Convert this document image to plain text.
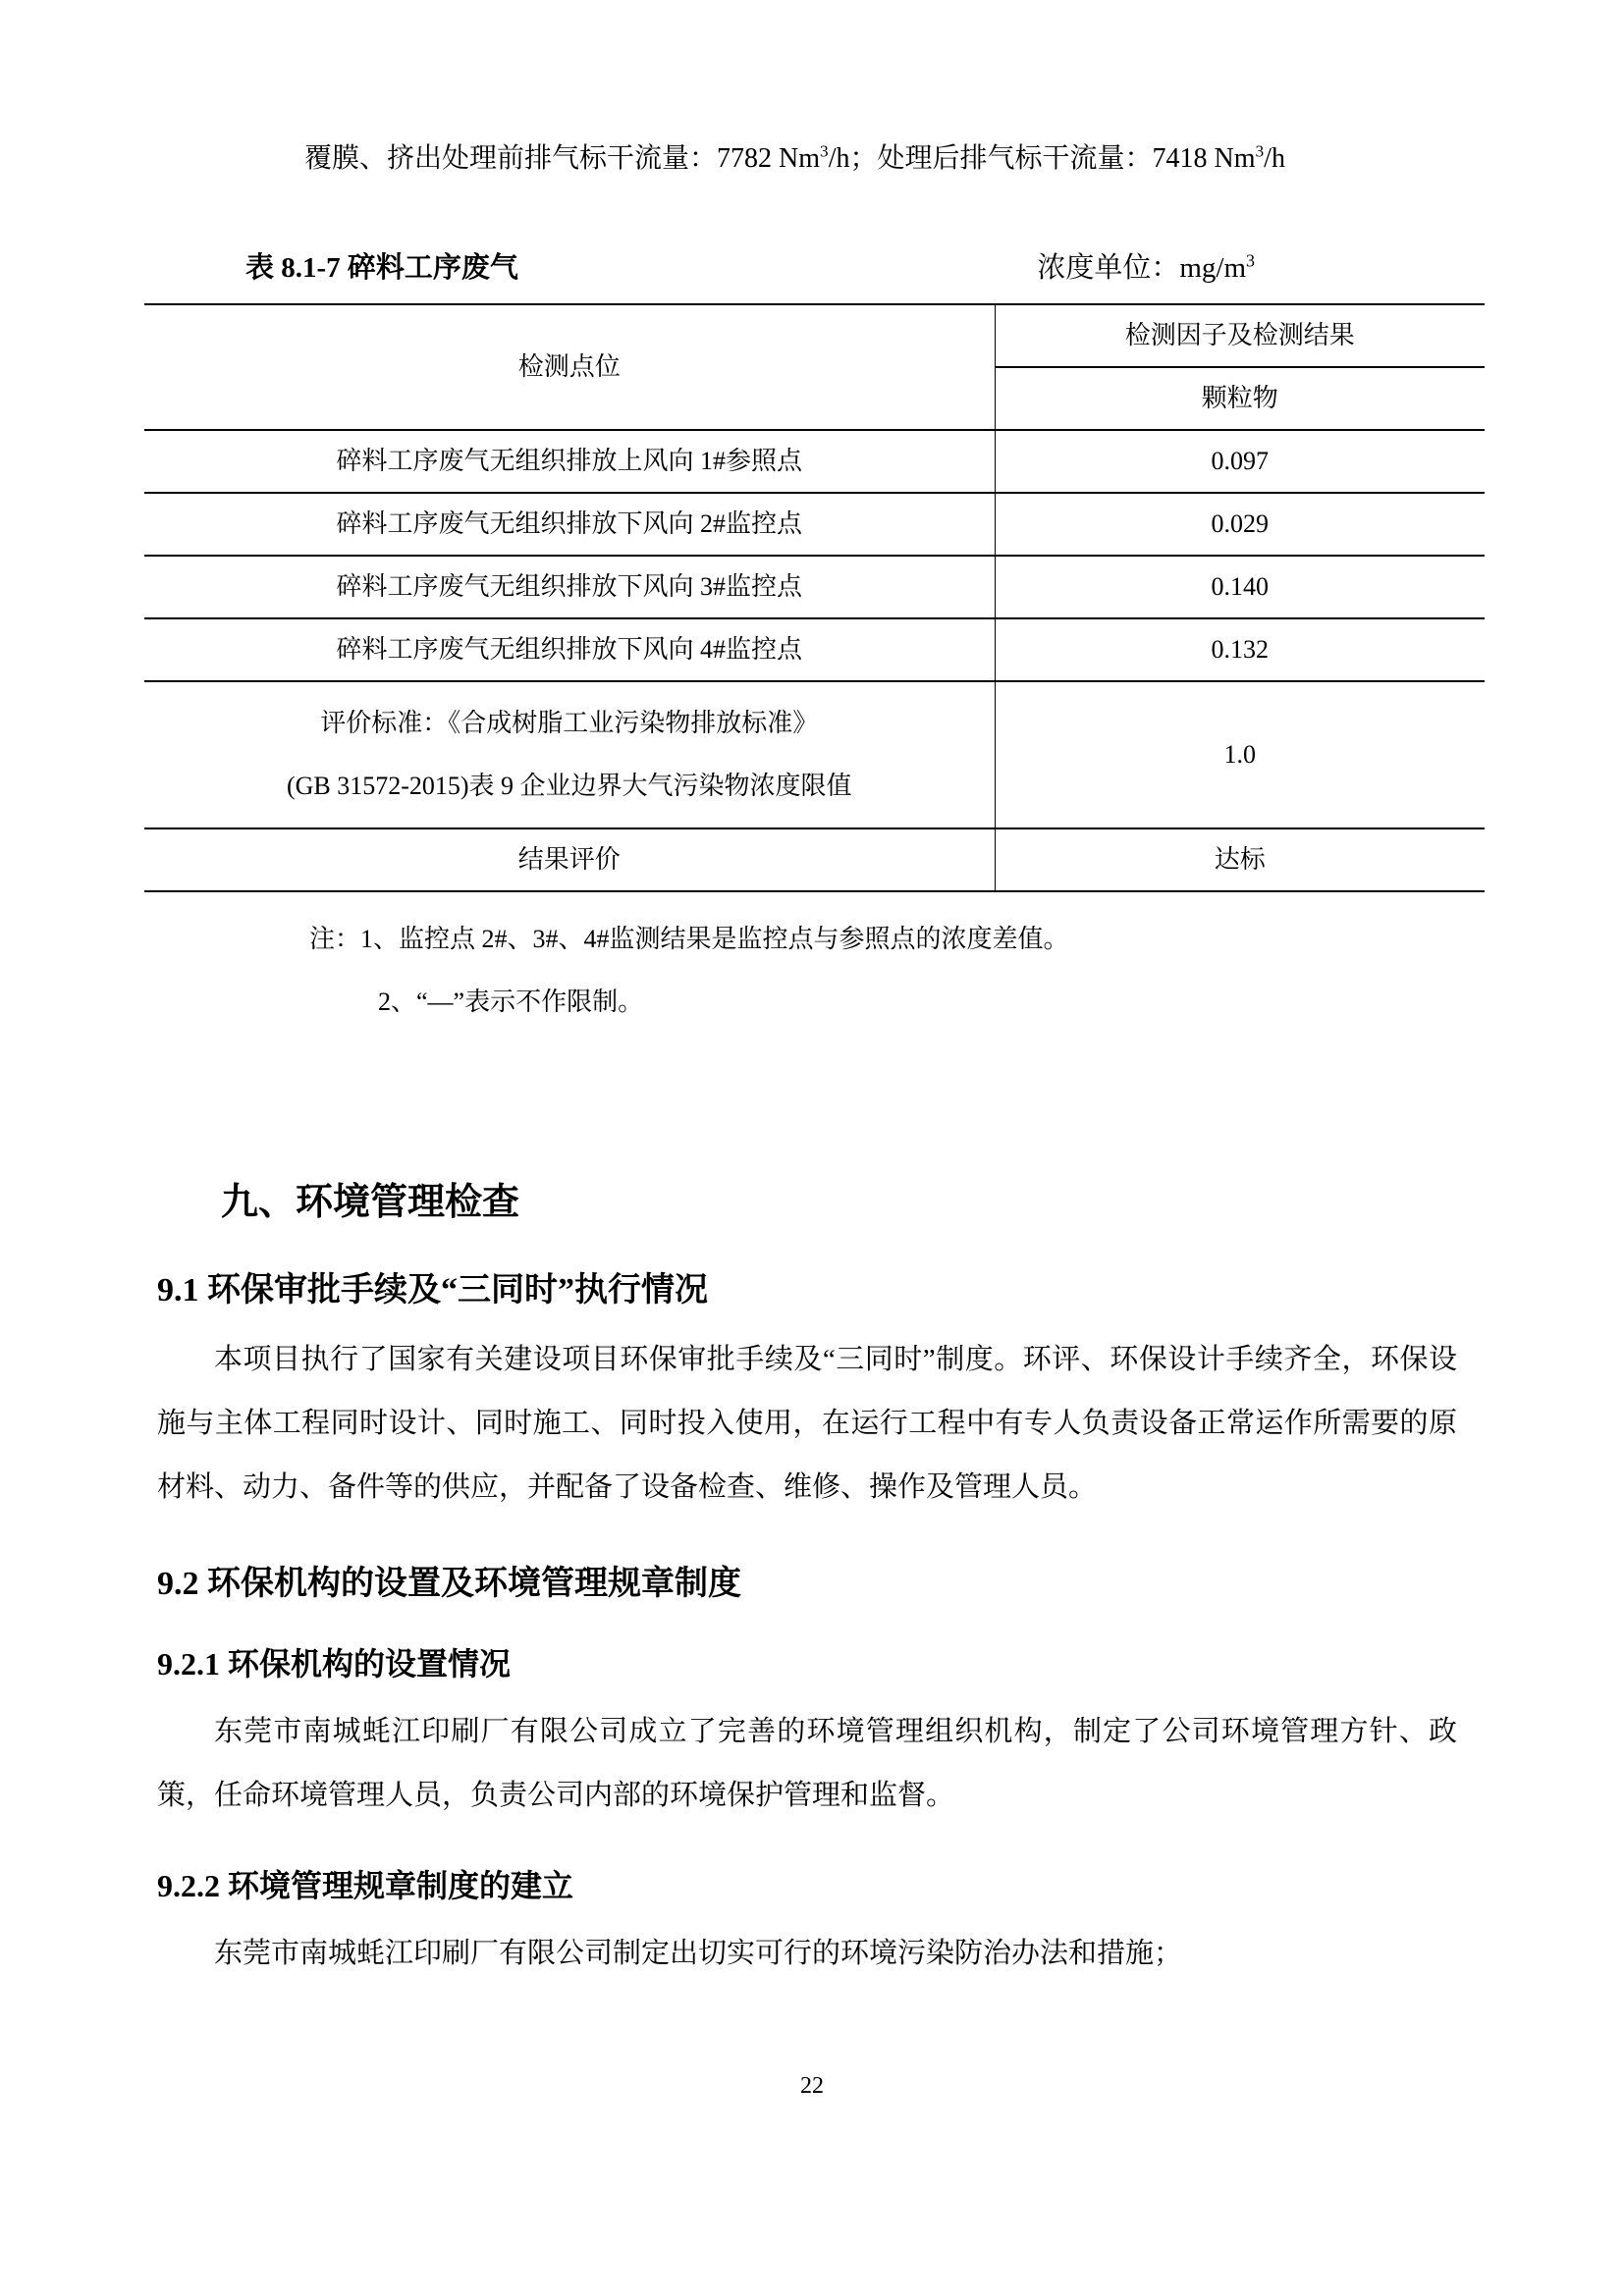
覆膜、挤出处理前排气标干流量：7782 Nm$^3$/h；处理后排气标干流量：7418 Nm$^3$/h
表 8.1-7 碎料工序废气	浓度单位：$mg/m^3$
检测点位	检测因子及检测结果
	颗粒物
碎料工序废气无组织排放上风向 1#参照点	0.097
碎料工序废气无组织排放下风向 2#监控点	0.029
碎料工序废气无组织排放下风向 3#监控点	0.140
碎料工序废气无组织排放下风向 4#监控点	0.132

评价标准：《合成树脂工业污染物排放标准》
(GB 31572-2015)表 9 企业边界大气污染物浓度限值	1.0
结果评价	达标
注：1、监控点 2#、3#、4#监测结果是监控点与参照点的浓度差值。
2、“—”表示不作限制。
九、环境管理检查
9.1 环保审批手续及“三同时”执行情况
本项目执行了国家有关建设项目环保审批手续及“三同时”制度。环评、环保设计手续齐全，环保设施与主体工程同时设计、同时施工、同时投入使用，在运行工程中有专人负责设备正常运作所需要的原材料、动力、备件等的供应，并配备了设备检查、维修、操作及管理人员。
9.2 环保机构的设置及环境管理规章制度
9.2.1 环保机构的设置情况
东莞市南城蚝江印刷厂有限公司成立了完善的环境管理组织机构，制定了公司环境管理方针、政策，任命环境管理人员，负责公司内部的环境保护管理和监督。
9.2.2 环境管理规章制度的建立
东莞市南城蚝江印刷厂有限公司制定出切实可行的环境污染防治办法和措施；
22
